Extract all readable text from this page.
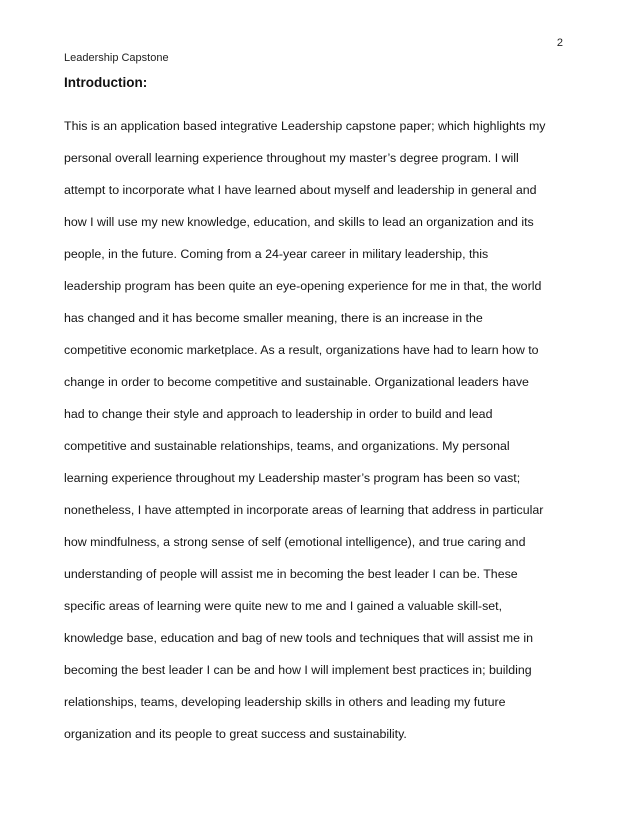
2
Leadership Capstone
Introduction:
This is an application based integrative Leadership capstone paper; which highlights my
personal overall learning experience throughout my master’s degree program. I will
attempt to incorporate what I have learned about myself and leadership in general and
how I will use my new knowledge, education, and skills to lead an organization and its
people, in the future. Coming from a 24-year career in military leadership, this
leadership program has been quite an eye-opening experience for me in that, the world
has changed and it has become smaller meaning, there is an increase in the
competitive economic marketplace. As a result, organizations have had to learn how to
change in order to become competitive and sustainable. Organizational leaders have
had to change their style and approach to leadership in order to build and lead
competitive and sustainable relationships, teams, and organizations. My personal
learning experience throughout my Leadership master’s program has been so vast;
nonetheless, I have attempted in incorporate areas of learning that address in particular
how mindfulness, a strong sense of self (emotional intelligence), and true caring and
understanding of people will assist me in becoming the best leader I can be. These
specific areas of learning were quite new to me and I gained a valuable skill-set,
knowledge base, education and bag of new tools and techniques that will assist me in
becoming the best leader I can be and how I will implement best practices in; building
relationships, teams, developing leadership skills in others and leading my future
organization and its people to great success and sustainability.
